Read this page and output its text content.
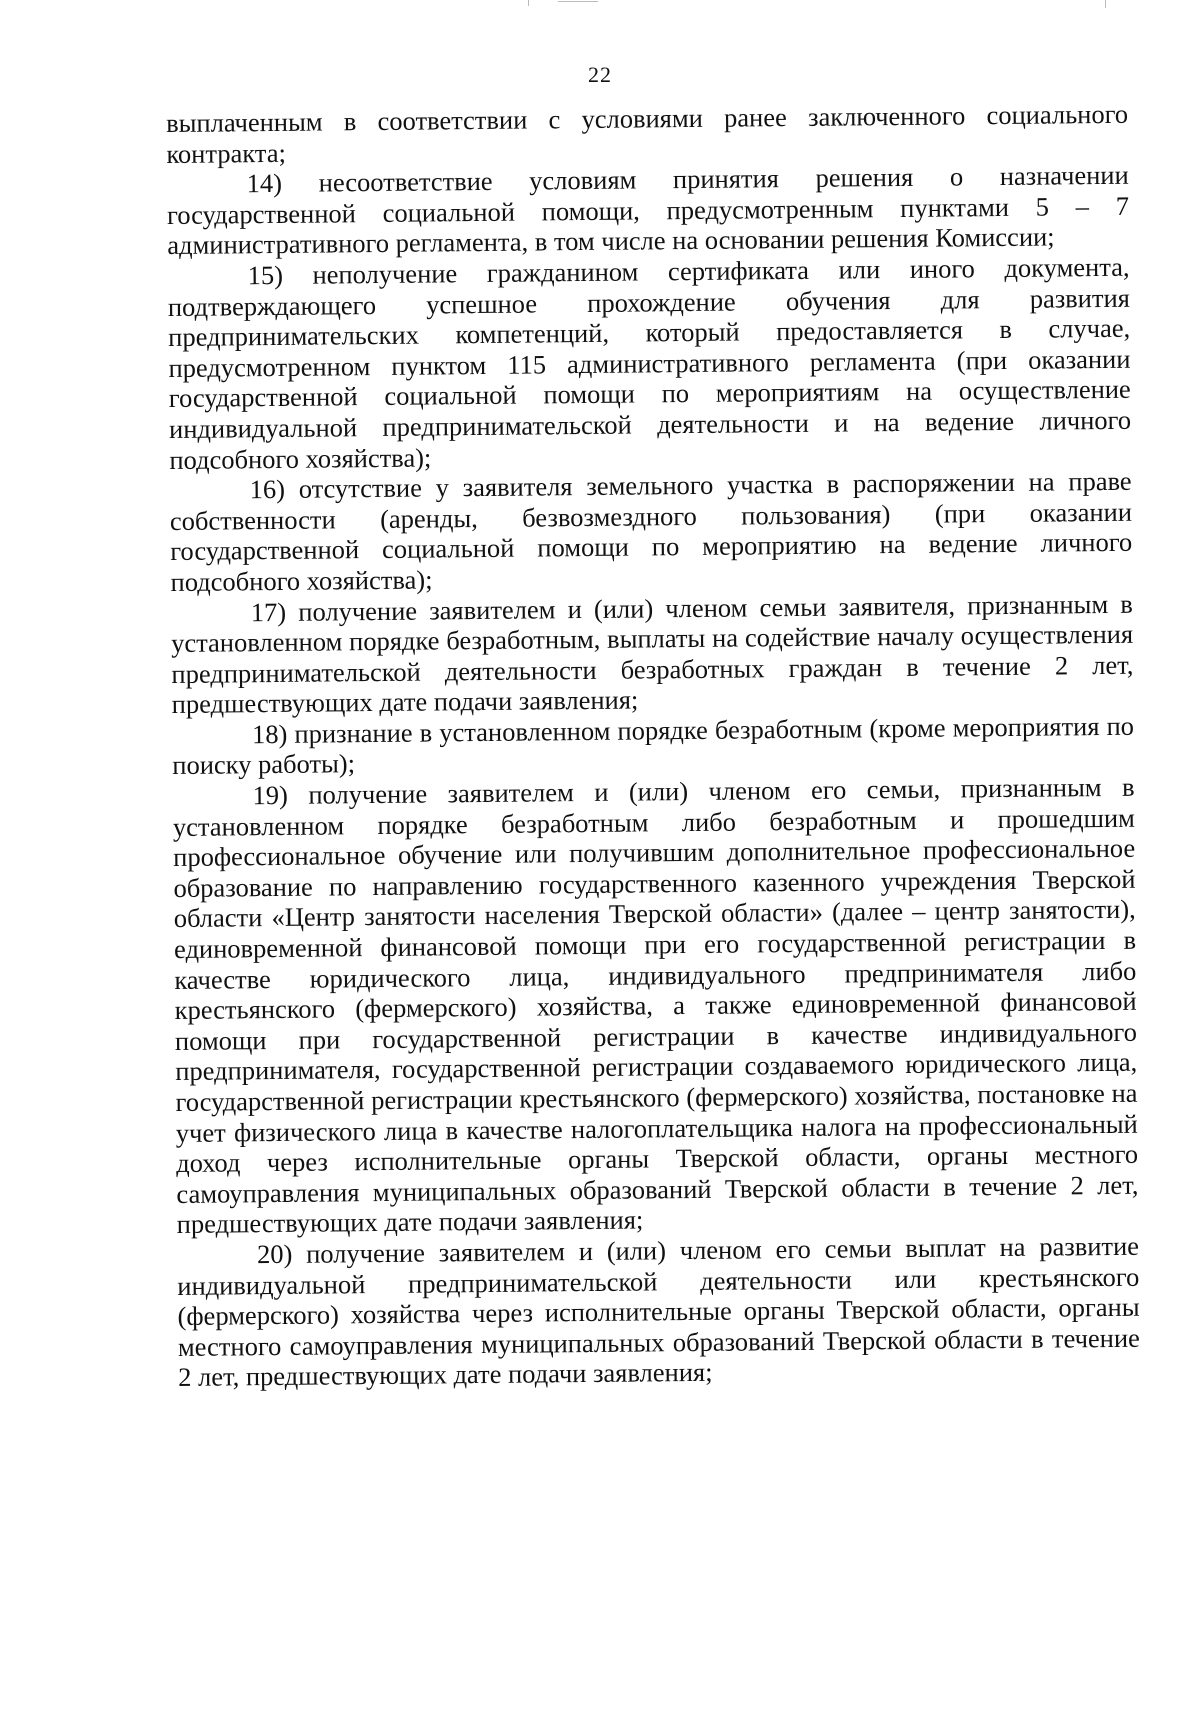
22

выплаченным в соответствии с условиями ранее заключенного социального контракта;

14) несоответствие условиям принятия решения о назначении государственной социальной помощи, предусмотренным пунктами 5 – 7 административного регламента, в том числе на основании решения Комиссии;

15) неполучение гражданином сертификата или иного документа, подтверждающего успешное прохождение обучения для развития предпринимательских компетенций, который предоставляется в случае, предусмотренном пунктом 115 административного регламента (при оказании государственной социальной помощи по мероприятиям на осуществление индивидуальной предпринимательской деятельности и на ведение личного подсобного хозяйства);

16) отсутствие у заявителя земельного участка в распоряжении на праве собственности (аренды, безвозмездного пользования) (при оказании государственной социальной помощи по мероприятию на ведение личного подсобного хозяйства);

17) получение заявителем и (или) членом семьи заявителя, признанным в установленном порядке безработным, выплаты на содействие началу осуществления предпринимательской деятельности безработных граждан в течение 2 лет, предшествующих дате подачи заявления;

18) признание в установленном порядке безработным (кроме мероприятия по поиску работы);

19) получение заявителем и (или) членом его семьи, признанным в установленном порядке безработным либо безработным и прошедшим профессиональное обучение или получившим дополнительное профессиональное образование по направлению государственного казенного учреждения Тверской области «Центр занятости населения Тверской области» (далее – центр занятости), единовременной финансовой помощи при его государственной регистрации в качестве юридического лица, индивидуального предпринимателя либо крестьянского (фермерского) хозяйства, а также единовременной финансовой помощи при государственной регистрации в качестве индивидуального предпринимателя, государственной регистрации создаваемого юридического лица, государственной регистрации крестьянского (фермерского) хозяйства, постановке на учет физического лица в качестве налогоплательщика налога на профессиональный доход через исполнительные органы Тверской области, органы местного самоуправления муниципальных образований Тверской области в течение 2 лет, предшествующих дате подачи заявления;

20) получение заявителем и (или) членом его семьи выплат на развитие индивидуальной предпринимательской деятельности или крестьянского (фермерского) хозяйства через исполнительные органы Тверской области, органы местного самоуправления муниципальных образований Тверской области в течение 2 лет, предшествующих дате подачи заявления;
